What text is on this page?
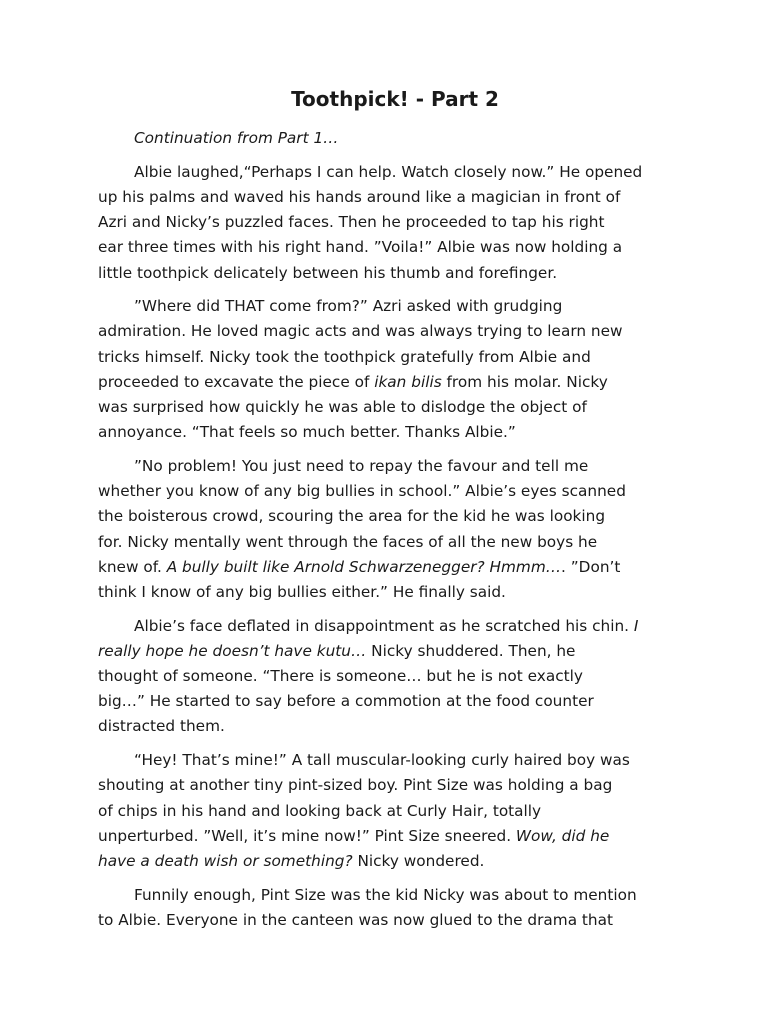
Toothpick! - Part 2

Continuation from Part 1…

Albie laughed,“Perhaps I can help. Watch closely now.” He opened
up his palms and waved his hands around like a magician in front of
Azri and Nicky’s puzzled faces. Then he proceeded to tap his right
ear three times with his right hand. ”Voila!” Albie was now holding a
little toothpick delicately between his thumb and forefinger.

”Where did THAT come from?” Azri asked with grudging
admiration. He loved magic acts and was always trying to learn new
tricks himself. Nicky took the toothpick gratefully from Albie and
proceeded to excavate the piece of ikan bilis from his molar. Nicky
was surprised how quickly he was able to dislodge the object of
annoyance. “That feels so much better. Thanks Albie.”

”No problem! You just need to repay the favour and tell me
whether you know of any big bullies in school.” Albie’s eyes scanned
the boisterous crowd, scouring the area for the kid he was looking
for. Nicky mentally went through the faces of all the new boys he
knew of. A bully built like Arnold Schwarzenegger? Hmmm…. ”Don’t
think I know of any big bullies either.” He finally said.

Albie’s face deflated in disappointment as he scratched his chin. I
really hope he doesn’t have kutu… Nicky shuddered. Then, he
thought of someone. “There is someone… but he is not exactly
big…” He started to say before a commotion at the food counter
distracted them.

“Hey! That’s mine!” A tall muscular-looking curly haired boy was
shouting at another tiny pint-sized boy. Pint Size was holding a bag
of chips in his hand and looking back at Curly Hair, totally
unperturbed. ”Well, it’s mine now!” Pint Size sneered. Wow, did he
have a death wish or something? Nicky wondered.

Funnily enough, Pint Size was the kid Nicky was about to mention
to Albie. Everyone in the canteen was now glued to the drama that
